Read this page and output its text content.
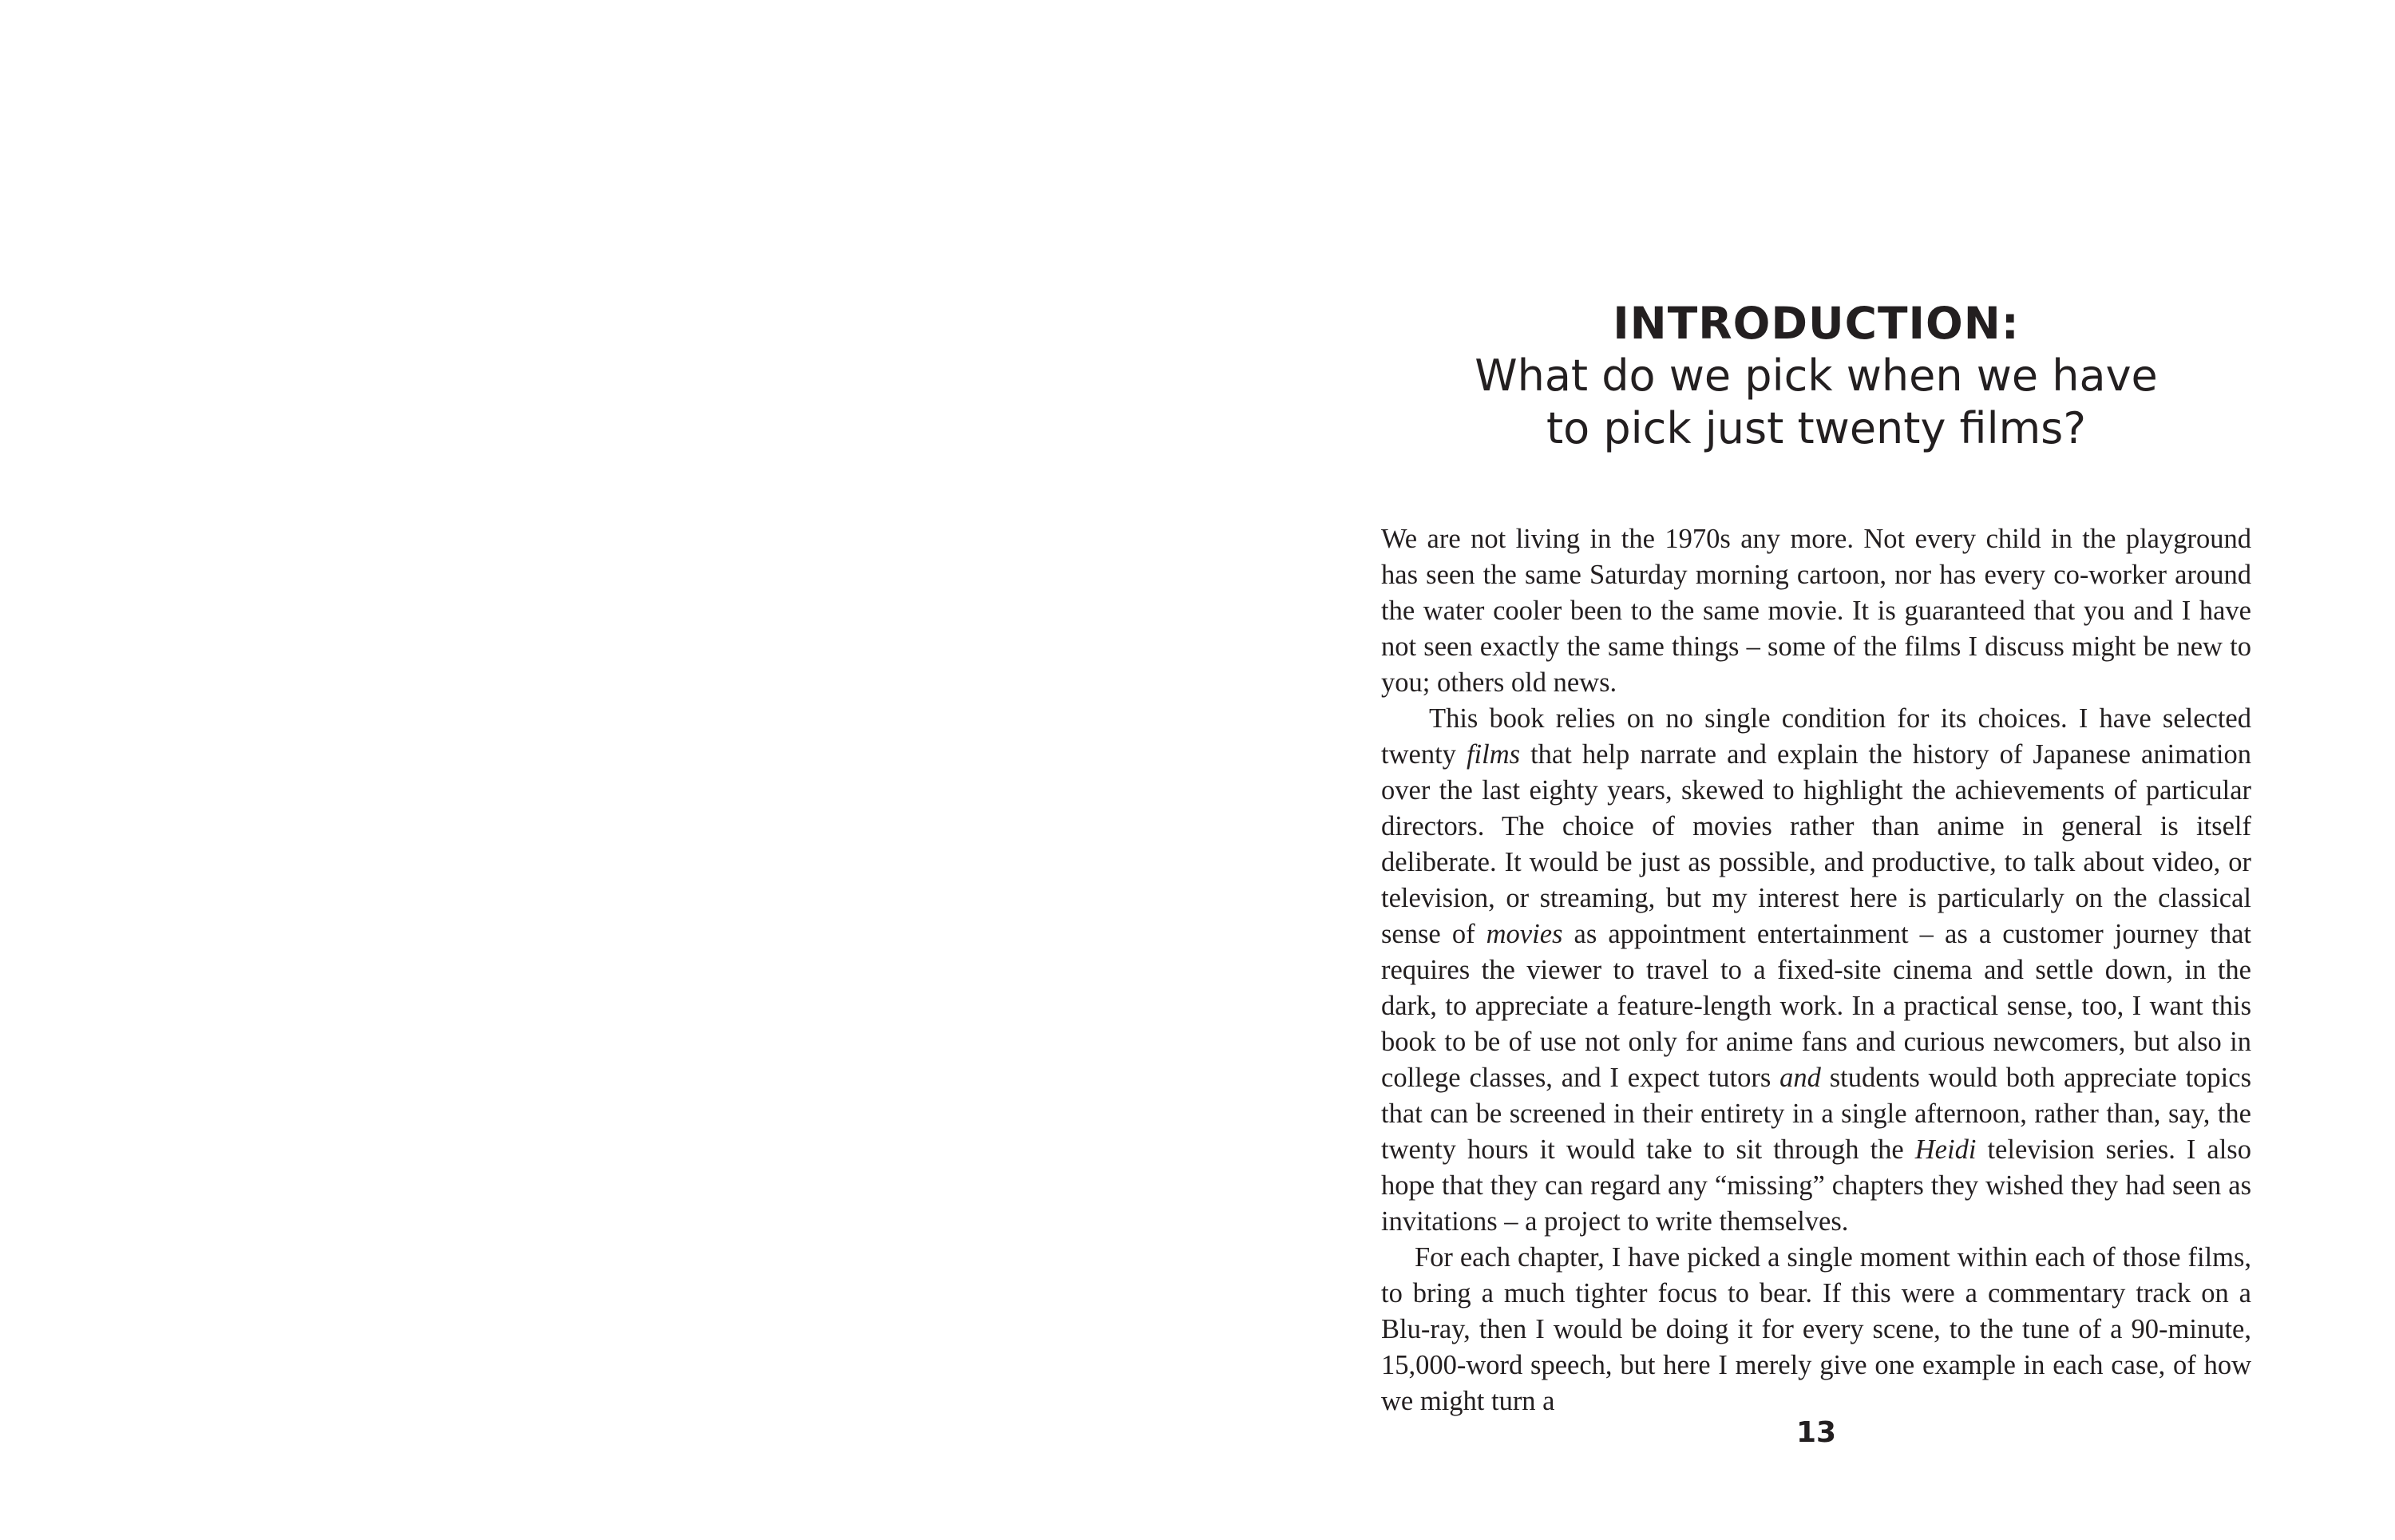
INTRODUCTION:
What do we pick when we have
to pick just twenty films?

We are not living in the 1970s any more. Not every child in the playground has seen the same Saturday morning cartoon, nor has every co-worker around the water cooler been to the same movie. It is guaranteed that you and I have not seen exactly the same things – some of the films I discuss might be new to you; others old news.

This book relies on no single condition for its choices. I have selected twenty films that help narrate and explain the history of Japanese animation over the last eighty years, skewed to highlight the achievements of particular directors. The choice of movies rather than anime in general is itself deliberate. It would be just as possible, and productive, to talk about video, or television, or streaming, but my interest here is particularly on the classical sense of movies as appointment entertainment – as a customer journey that requires the viewer to travel to a fixed-site cinema and settle down, in the dark, to appreciate a feature-length work. In a practical sense, too, I want this book to be of use not only for anime fans and curious newcomers, but also in college classes, and I expect tutors and students would both appreciate topics that can be screened in their entirety in a single afternoon, rather than, say, the twenty hours it would take to sit through the Heidi television series. I also hope that they can regard any “missing” chapters they wished they had seen as invitations – a project to write themselves.

For each chapter, I have picked a single moment within each of those films, to bring a much tighter focus to bear. If this were a commentary track on a Blu-ray, then I would be doing it for every scene, to the tune of a 90-minute, 15,000-word speech, but here I merely give one example in each case, of how we might turn a

13
